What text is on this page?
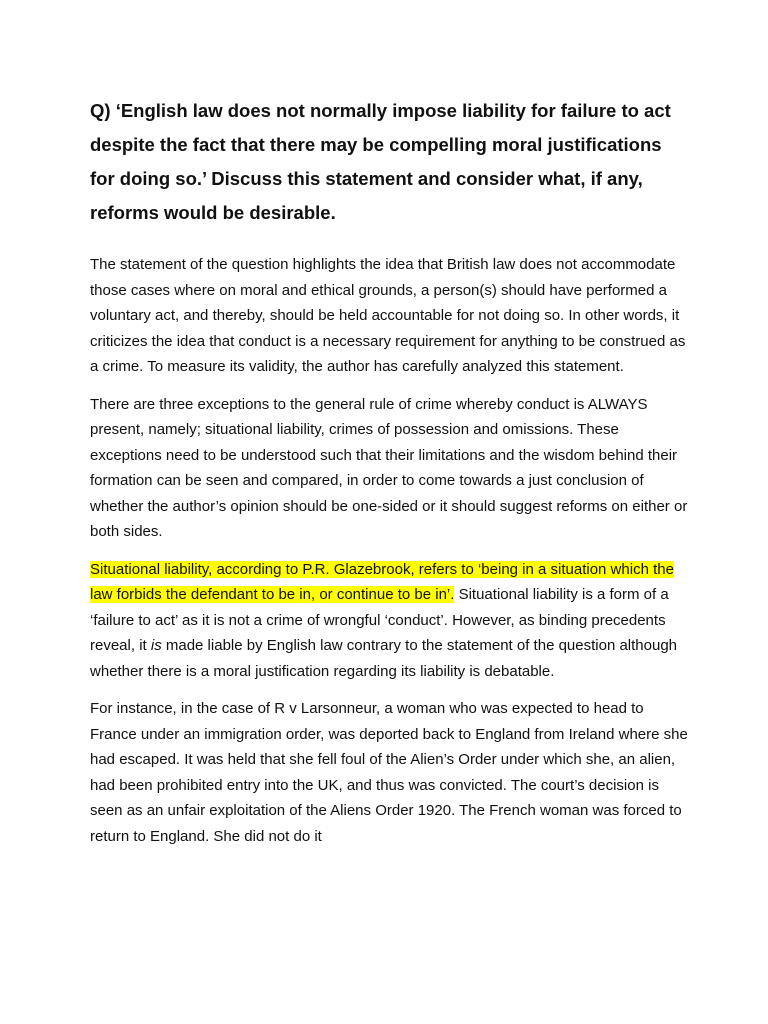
Q) ‘English law does not normally impose liability for failure to act despite the fact that there may be compelling moral justifications for doing so.’ Discuss this statement and consider what, if any, reforms would be desirable.

The statement of the question highlights the idea that British law does not accommodate those cases where on moral and ethical grounds, a person(s) should have performed a voluntary act, and thereby, should be held accountable for not doing so. In other words, it criticizes the idea that conduct is a necessary requirement for anything to be construed as a crime. To measure its validity, the author has carefully analyzed this statement.

There are three exceptions to the general rule of crime whereby conduct is ALWAYS present, namely; situational liability, crimes of possession and omissions. These exceptions need to be understood such that their limitations and the wisdom behind their formation can be seen and compared, in order to come towards a just conclusion of whether the author’s opinion should be one-sided or it should suggest reforms on either or both sides.

Situational liability, according to P.R. Glazebrook, refers to ‘being in a situation which the law forbids the defendant to be in, or continue to be in’. Situational liability is a form of a ‘failure to act’ as it is not a crime of wrongful ‘conduct’. However, as binding precedents reveal, it is made liable by English law contrary to the statement of the question although whether there is a moral justification regarding its liability is debatable.

For instance, in the case of R v Larsonneur, a woman who was expected to head to France under an immigration order, was deported back to England from Ireland where she had escaped. It was held that she fell foul of the Alien’s Order under which she, an alien, had been prohibited entry into the UK, and thus was convicted. The court’s decision is seen as an unfair exploitation of the Aliens Order 1920. The French woman was forced to return to England. She did not do it
